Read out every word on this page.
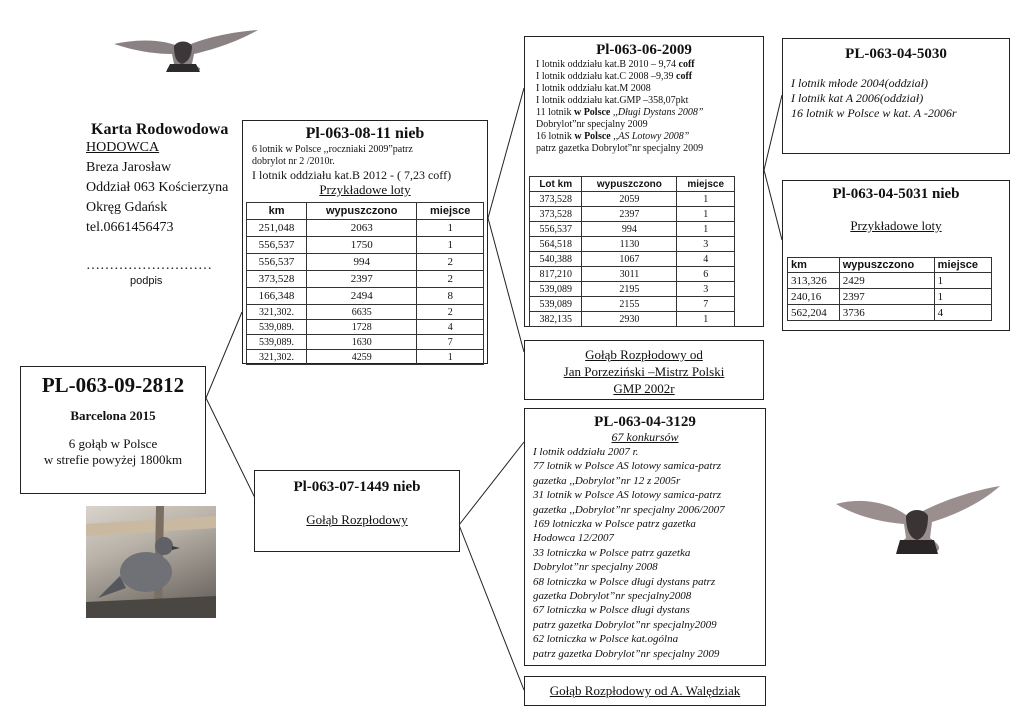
Karta Rodowodowa
HODOWCA
Breza Jarosław
Oddział 063 Kościerzyna
Okręg Gdańsk
tel.0661456473
………………………
podpis
PL-063-09-2812
Barcelona 2015
6 gołąb w Polsce
w strefie powyżej 1800km
Pl-063-08-11 nieb
6 lotnik w Polsce ,,roczniaki 2009”patrz
dobrylot nr 2 /2010r.
I lotnik oddziału kat.B 2012 - ( 7,23 coff)
Przykładowe loty
km	wypuszczono	miejsce
251,048	2063	1
556,537	1750	1
556,537	994	2
373,528	2397	2
166,348	2494	8
321,302.	6635	2
539,089.	1728	4
539,089.	1630	7
321,302.	4259	1
Pl-063-07-1449 nieb
Gołąb Rozpłodowy
Pl-063-06-2009
I lotnik oddziału kat.B 2010 – 9,74 coff
I lotnik oddziału kat.C 2008 –9,39 coff
I lotnik oddziału kat.M 2008
I lotnik oddziału kat.GMP –358,07pkt
11 lotnik w Polsce ,,Długi Dystans 2008”
Dobrylot”nr specjalny 2009
16 lotnik w Polsce ,,AS Lotowy 2008”
patrz gazetka Dobrylot”nr specjalny 2009
Lot km	wypuszczono	miejsce
373,528	2059	1
373,528	2397	1
556,537	994	1
564,518	1130	3
540,388	1067	4
817,210	3011	6
539,089	2195	3
539,089	2155	7
382,135	2930	1
Gołąb Rozpłodowy od
Jan Porzeziński –Mistrz Polski
GMP 2002r
PL-063-04-5030
I lotnik młode 2004(oddział)
I lotnik kat A 2006(oddział)
16 lotnik w Polsce w kat. A -2006r
Pl-063-04-5031 nieb
Przykładowe loty
km	wypuszczono	miejsce
313,326	2429	1
240,16	2397	1
562,204	3736	4
PL-063-04-3129
67 konkursów
I lotnik oddziału 2007 r.
77 lotnik w Polsce AS lotowy samica-patrz
gazetka ,,Dobrylot”nr 12 z 2005r
31 lotnik w Polsce AS lotowy samica-patrz
gazetka ,,Dobrylot”nr specjalny 2006/2007
169 lotniczka w Polsce patrz gazetka
Hodowca 12/2007
33 lotniczka w Polsce patrz gazetka
Dobrylot”nr specjalny 2008
68 lotniczka w Polsce długi dystans patrz
gazetka Dobrylot”nr specjalny2008
67 lotniczka w Polsce długi dystans
patrz gazetka Dobrylot”nr specjalny2009
62 lotniczka w Polsce kat.ogólna
patrz gazetka Dobrylot”nr specjalny 2009
Gołąb Rozpłodowy od A. Walędziak
